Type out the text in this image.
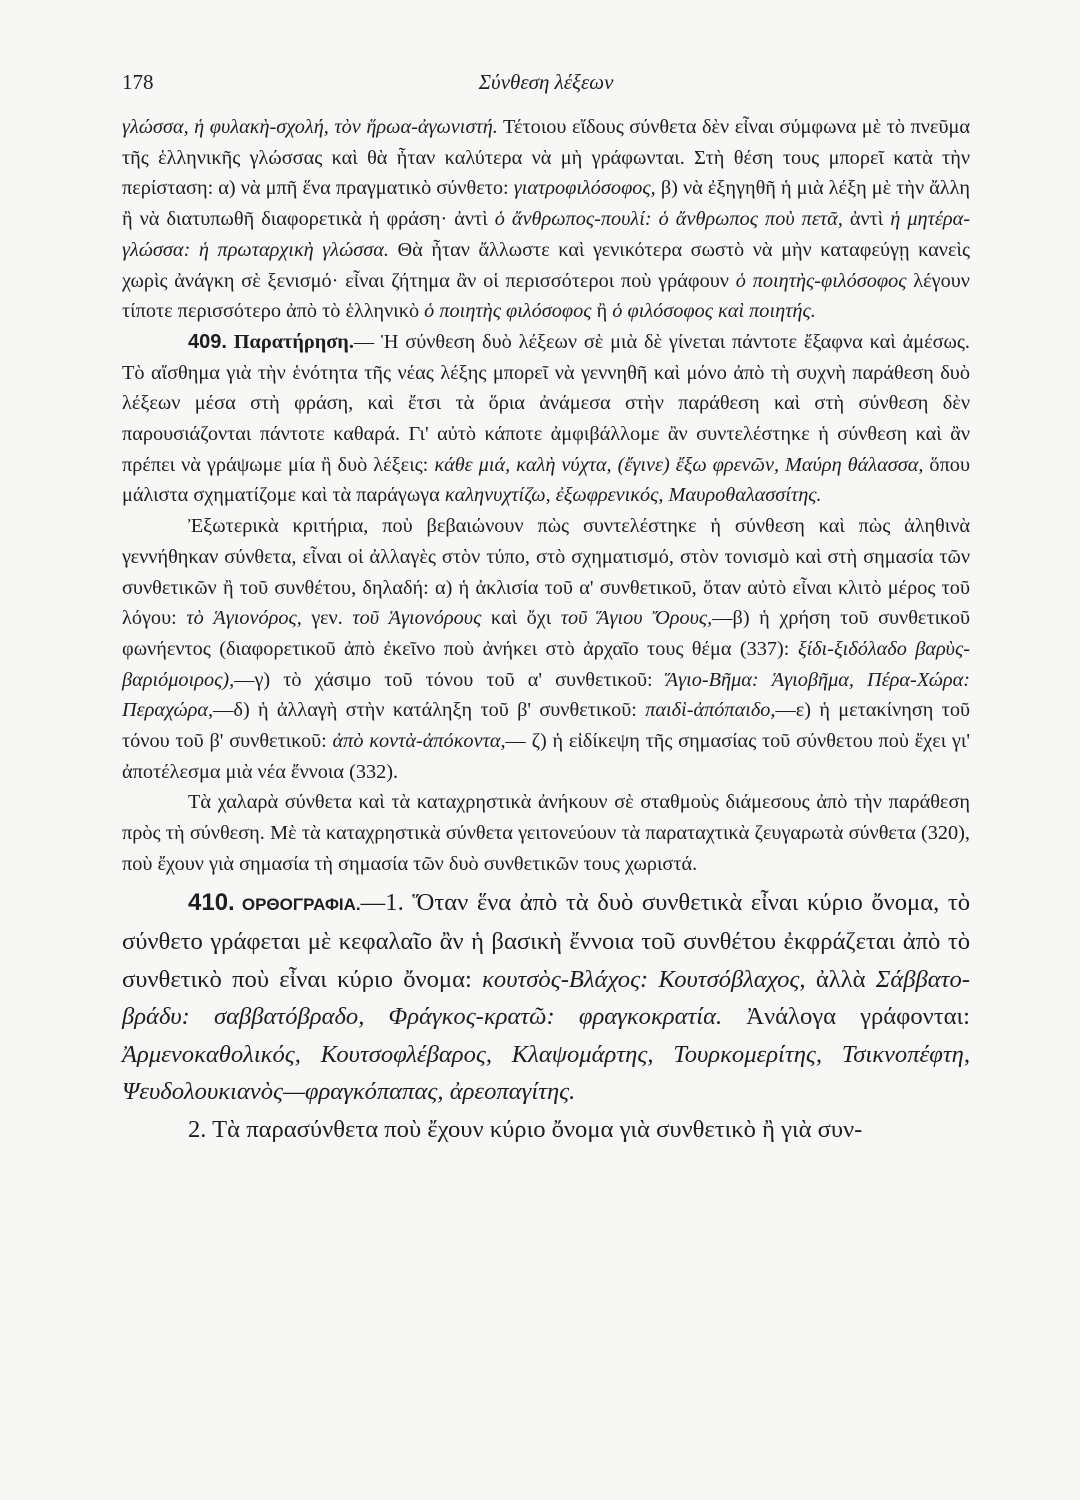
178	Σύνθεση λέξεων

γλώσσα, ἡ φυλακὴ-σχολή, τὸν ἥρωα-ἀγωνιστή. Τέτοιου εἴδους σύνθετα δὲν εἶναι σύμφωνα μὲ τὸ πνεῦμα τῆς ἑλληνικῆς γλώσσας καὶ θὰ ἦταν καλύτερα νὰ μὴ γράφωνται. Στὴ θέση τους μπορεῖ κατὰ τὴν περίσταση: α) νὰ μπῆ ἕνα πραγματικὸ σύνθετο: γιατροφιλόσοφος, β) νὰ ἐξηγηθῆ ἡ μιὰ λέξη μὲ τὴν ἄλλη ἢ νὰ διατυπωθῆ διαφορετικὰ ἡ φράση· ἀντὶ ὁ ἄνθρωπος-πουλί: ὁ ἄνθρωπος ποὺ πετᾶ, ἀντὶ ἡ μητέρα-γλώσσα: ἡ πρωταρχικὴ γλώσσα. Θὰ ἦταν ἄλλωστε καὶ γενικότερα σωστὸ νὰ μὴν καταφεύγῃ κανεὶς χωρὶς ἀνάγκη σὲ ξενισμό· εἶναι ζήτημα ἂν οἱ περισσότεροι ποὺ γράφουν ὁ ποιητὴς-φιλόσοφος λέγουν τίποτε περισσότερο ἀπὸ τὸ ἑλληνικὸ ὁ ποιητὴς φιλόσοφος ἢ ὁ φιλόσοφος καὶ ποιητής.

409. Παρατήρηση.— Ἡ σύνθεση δυὸ λέξεων σὲ μιὰ δὲ γίνεται πάντοτε ἔξαφνα καὶ ἀμέσως. Τὸ αἴσθημα γιὰ τὴν ἑνότητα τῆς νέας λέξης μπορεῖ νὰ γεννηθῆ καὶ μόνο ἀπὸ τὴ συχνὴ παράθεση δυὸ λέξεων μέσα στὴ φράση, καὶ ἔτσι τὰ ὅρια ἀνάμεσα στὴν παράθεση καὶ στὴ σύνθεση δὲν παρουσιάζονται πάντοτε καθαρά. Γι' αὐτὸ κάποτε ἀμφιβάλλομε ἂν συντελέστηκε ἡ σύνθεση καὶ ἂν πρέπει νὰ γράψωμε μία ἢ δυὸ λέξεις: κάθε μιά, καλὴ νύχτα, (ἔγινε) ἔξω φρενῶν, Μαύρη θάλασσα, ὅπου μάλιστα σχηματίζομε καὶ τὰ παράγωγα καληνυχτίζω, ἐξωφρενικός, Μαυροθαλασσίτης.

Ἐξωτερικὰ κριτήρια, ποὺ βεβαιώνουν πὼς συντελέστηκε ἡ σύνθεση καὶ πὼς ἀληθινὰ γεννήθηκαν σύνθετα, εἶναι οἱ ἀλλαγὲς στὸν τύπο, στὸ σχηματισμό, στὸν τονισμὸ καὶ στὴ σημασία τῶν συνθετικῶν ἢ τοῦ συνθέτου, δηλαδή: α) ἡ ἀκλισία τοῦ α' συνθετικοῦ, ὅταν αὐτὸ εἶναι κλιτὸ μέρος τοῦ λόγου: τὸ Ἁγιονόρος, γεν. τοῦ Ἁγιονόρους καὶ ὄχι τοῦ Ἅγιου Ὄρους,—β) ἡ χρήση τοῦ συνθετικοῦ φωνήεντος (διαφορετικοῦ ἀπὸ ἐκεῖνο ποὺ ἀνήκει στὸ ἀρχαῖο τους θέμα (337): ξίδι-ξιδόλαδο βαρὺς-βαριόμοιρος),—γ) τὸ χάσιμο τοῦ τόνου τοῦ α' συνθετικοῦ: Ἅγιο-Βῆμα: Ἁγιοβῆμα, Πέρα-Χώρα: Περαχώρα,—δ) ἡ ἀλλαγὴ στὴν κατάληξη τοῦ β' συνθετικοῦ: παιδὶ-ἀπόπαιδο,—ε) ἡ μετακίνηση τοῦ τόνου τοῦ β' συνθετικοῦ: ἀπὸ κοντὰ-ἀπόκοντα,— ζ) ἡ εἰδίκεψη τῆς σημασίας τοῦ σύνθετου ποὺ ἔχει γι' ἀποτέλεσμα μιὰ νέα ἔννοια (332).

Τὰ χαλαρὰ σύνθετα καὶ τὰ καταχρηστικὰ ἀνήκουν σὲ σταθμοὺς διάμεσους ἀπὸ τὴν παράθεση πρὸς τὴ σύνθεση. Μὲ τὰ καταχρηστικὰ σύνθετα γειτονεύουν τὰ παραταχτικὰ ζευγαρωτὰ σύνθετα (320), ποὺ ἔχουν γιὰ σημασία τὴ σημασία τῶν δυὸ συνθετικῶν τους χωριστά.

410. ΟΡΘΟΓΡΑΦΙΑ.—1. Ὅταν ἕνα ἀπὸ τὰ δυὸ συνθετικὰ εἶναι κύριο ὄνομα, τὸ σύνθετο γράφεται μὲ κεφαλαῖο ἂν ἡ βασικὴ ἔννοια τοῦ συνθέτου ἐκφράζεται ἀπὸ τὸ συνθετικὸ ποὺ εἶναι κύριο ὄνομα: κουτσὸς-Βλάχος: Κουτσόβλαχος, ἀλλὰ Σάββατο-βράδυ: σαββατόβραδο, Φράγκος-κρατῶ: φραγκοκρατία. Ἀνάλογα γράφονται: Ἀρμενοκαθολικός, Κουτσοφλέβαρος, Κλαψομάρτης, Τουρκομερίτης, Τσικνοπέφτη, Ψευδολουκιανὸς—φραγκόπαπας, ἀρεοπαγίτης.

2. Τὰ παρασύνθετα ποὺ ἔχουν κύριο ὄνομα γιὰ συνθετικὸ ἢ γιὰ συν-
